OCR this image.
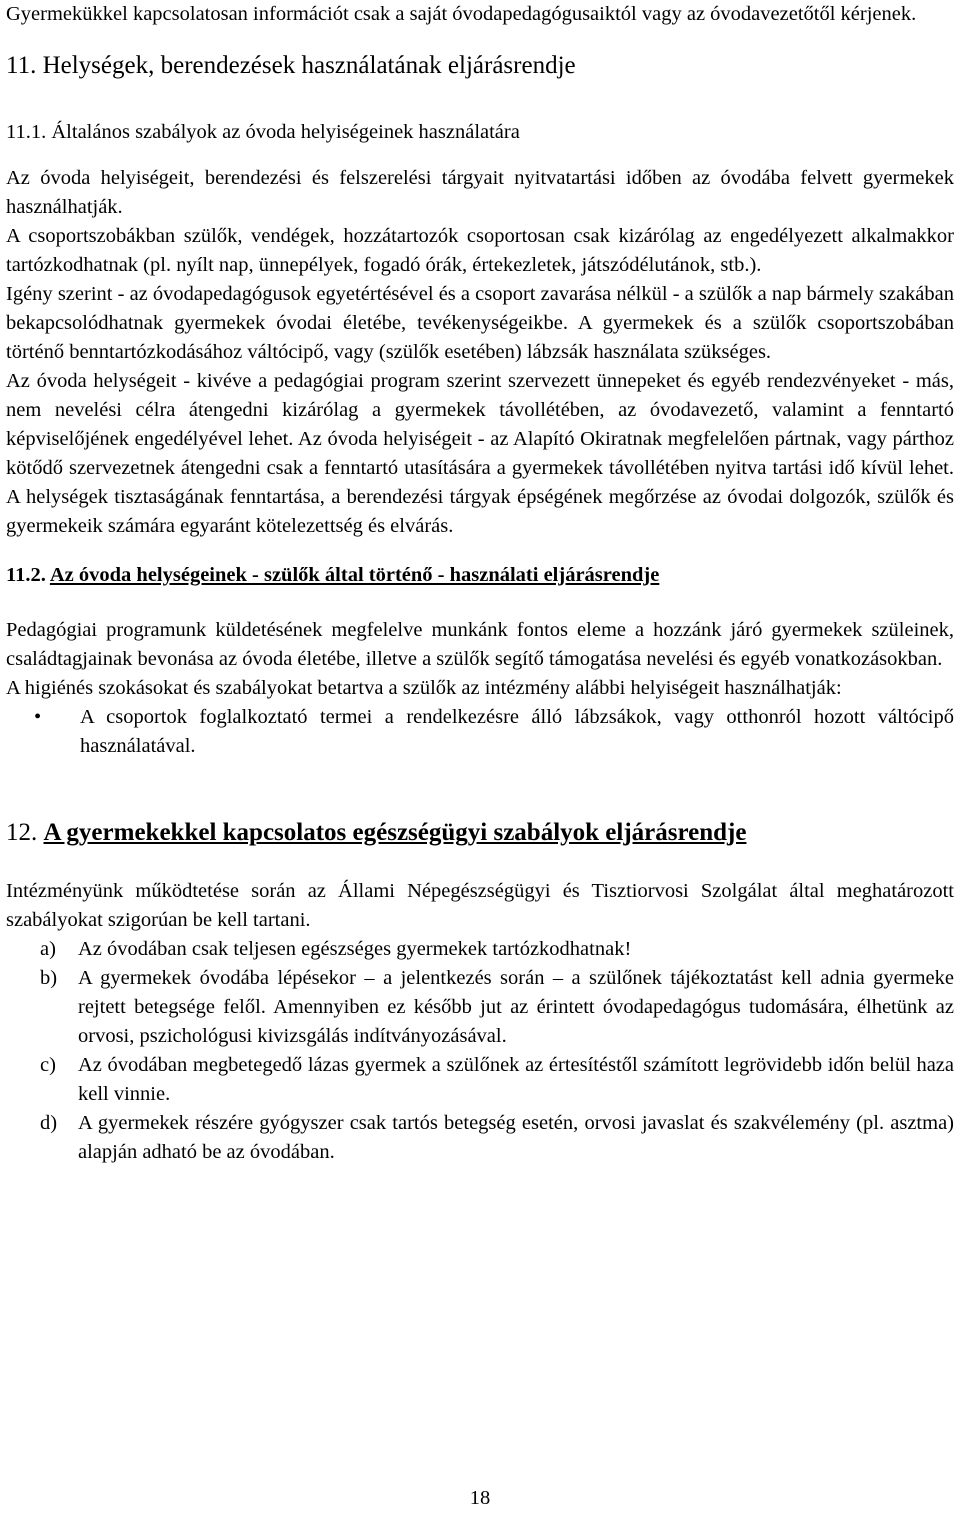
Gyermekükkel kapcsolatosan információt csak a saját óvodapedagógusaiktól vagy az óvodavezetőtől kérjenek.

11. Helységek, berendezések használatának eljárásrendje
11.1. Általános szabályok az óvoda helyiségeinek használatára

Az óvoda helyiségeit, berendezési és felszerelési tárgyait nyitvatartási időben az óvodába felvett gyermekek használhatják.

A csoportszobákban szülők, vendégek, hozzátartozók csoportosan csak kizárólag az engedélyezett alkalmakkor tartózkodhatnak (pl. nyílt nap, ünnepélyek, fogadó órák, értekezletek, játszódélutánok, stb.).

Igény szerint - az óvodapedagógusok egyetértésével és a csoport zavarása nélkül - a szülők a nap bármely szakában bekapcsolódhatnak gyermekek óvodai életébe, tevékenységeikbe. A gyermekek és a szülők csoportszobában történő benntartózkodásához váltócipő, vagy (szülők esetében) lábzsák használata szükséges.

Az óvoda helységeit - kivéve a pedagógiai program szerint szervezett ünnepeket és egyéb rendezvényeket - más, nem nevelési célra átengedni kizárólag a gyermekek távollétében, az óvodavezető, valamint a fenntartó képviselőjének engedélyével lehet. Az óvoda helyiségeit - az Alapító Okiratnak megfelelően pártnak, vagy párthoz kötődő szervezetnek átengedni csak a fenntartó utasítására a gyermekek távollétében nyitva tartási idő kívül lehet. A helységek tisztaságának fenntartása, a berendezési tárgyak épségének megőrzése az óvodai dolgozók, szülők és gyermekeik számára egyaránt kötelezettség és elvárás.

11.2. Az óvoda helységeinek - szülők által történő - használati eljárásrendje

Pedagógiai programunk küldetésének megfelelve munkánk fontos eleme a hozzánk járó gyermekek szüleinek, családtagjainak bevonása az óvoda életébe, illetve a szülők segítő támogatása nevelési és egyéb vonatkozásokban.

A higiénés szokásokat és szabályokat betartva a szülők az intézmény alábbi helyiségeit használhatják:

• A csoportok foglalkoztató termei a rendelkezésre álló lábzsákok, vagy otthonról hozott váltócipő használatával.
12. A gyermekekkel kapcsolatos egészségügyi szabályok eljárásrendje

Intézményünk működtetése során az Állami Népegészségügyi és Tisztiorvosi Szolgálat által meghatározott szabályokat szigorúan be kell tartani.

a) Az óvodában csak teljesen egészséges gyermekek tartózkodhatnak!
b) A gyermekek óvodába lépésekor – a jelentkezés során – a szülőnek tájékoztatást kell adnia gyermeke rejtett betegsége felől. Amennyiben ez később jut az érintett óvodapedagógus tudomására, élhetünk az orvosi, pszichológusi kivizsgálás indítványozásával.
c) Az óvodában megbetegedő lázas gyermek a szülőnek az értesítéstől számított legrövidebb időn belül haza kell vinnie.
d) A gyermekek részére gyógyszer csak tartós betegség esetén, orvosi javaslat és szakvélemény (pl. asztma) alapján adható be az óvodában.
18
